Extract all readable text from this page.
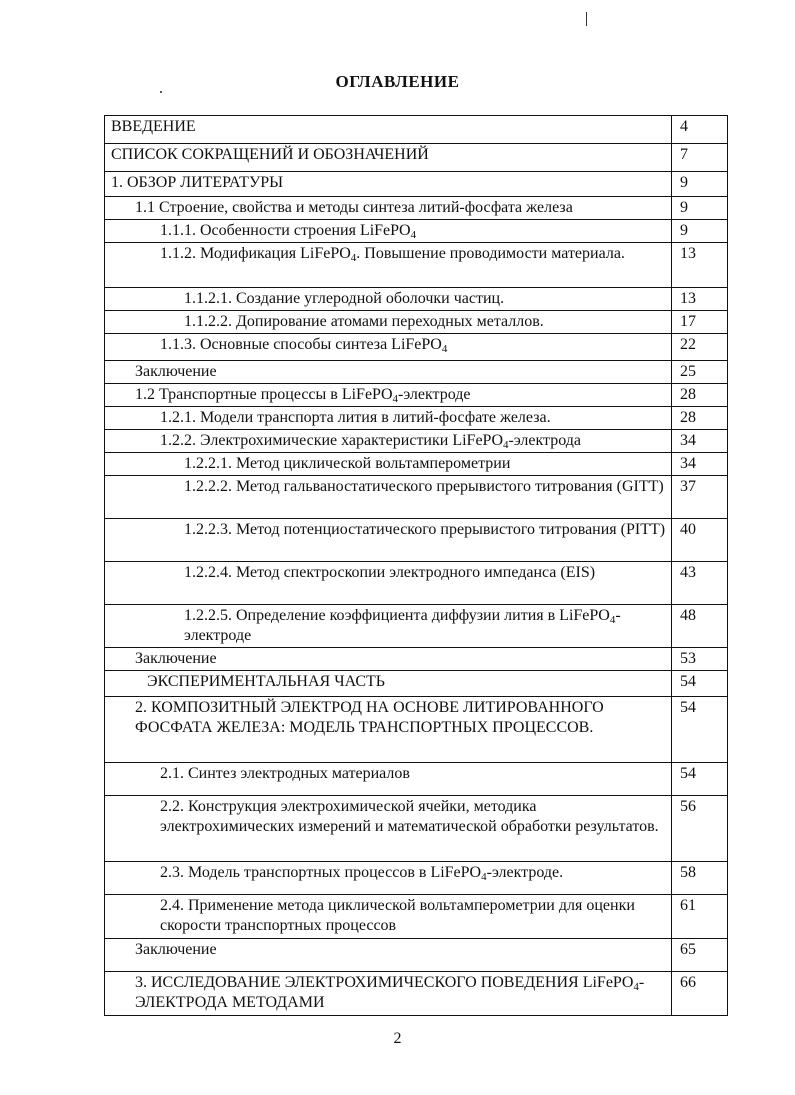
ОГЛАВЛЕНИЕ
ВВЕДЕНИЕ	4
СПИСОК СОКРАЩЕНИЙ И ОБОЗНАЧЕНИЙ	7
1. ОБЗОР ЛИТЕРАТУРЫ	9
1.1 Строение, свойства и методы синтеза литий-фосфата железа	9
1.1.1. Особенности строения LiFePO$_4$	9
1.1.2. Модификация LiFePO$_4$. Повышение проводимости материала.	13
1.1.2.1. Создание углеродной оболочки частиц.	13
1.1.2.2. Допирование атомами переходных металлов.	17
1.1.3. Основные способы синтеза LiFePO$_4$	22
Заключение	25
1.2 Транспортные процессы в LiFePO$_4$-электроде	28
1.2.1. Модели транспорта лития в литий-фосфате железа.	28
1.2.2. Электрохимические характеристики LiFePO$_4$-электрода	34
1.2.2.1. Метод циклической вольтамперометрии	34
1.2.2.2. Метод гальваностатического прерывистого титрования (GITT)	37
1.2.2.3. Метод потенциостатического прерывистого титрования (PITT)	40
1.2.2.4. Метод спектроскопии электродного импеданса (EIS)	43
1.2.2.5. Определение коэффициента диффузии лития в LiFePO$_4$-электроде	48
Заключение	53
ЭКСПЕРИМЕНТАЛЬНАЯ ЧАСТЬ	54
2. КОМПОЗИТНЫЙ ЭЛЕКТРОД НА ОСНОВЕ ЛИТИРОВАННОГО ФОСФАТА ЖЕЛЕЗА: МОДЕЛЬ ТРАНСПОРТНЫХ ПРОЦЕССОВ.	54
2.1. Синтез электродных материалов	54
2.2. Конструкция электрохимической ячейки, методика электрохимических измерений и математической обработки результатов.	56
2.3. Модель транспортных процессов в LiFePO$_4$-электроде.	58
2.4. Применение метода циклической вольтамперометрии для оценки скорости транспортных процессов	61
Заключение	65
3. ИССЛЕДОВАНИЕ ЭЛЕКТРОХИМИЧЕСКОГО ПОВЕДЕНИЯ LiFePO$_4$-ЭЛЕКТРОДА МЕТОДАМИ	66
2
